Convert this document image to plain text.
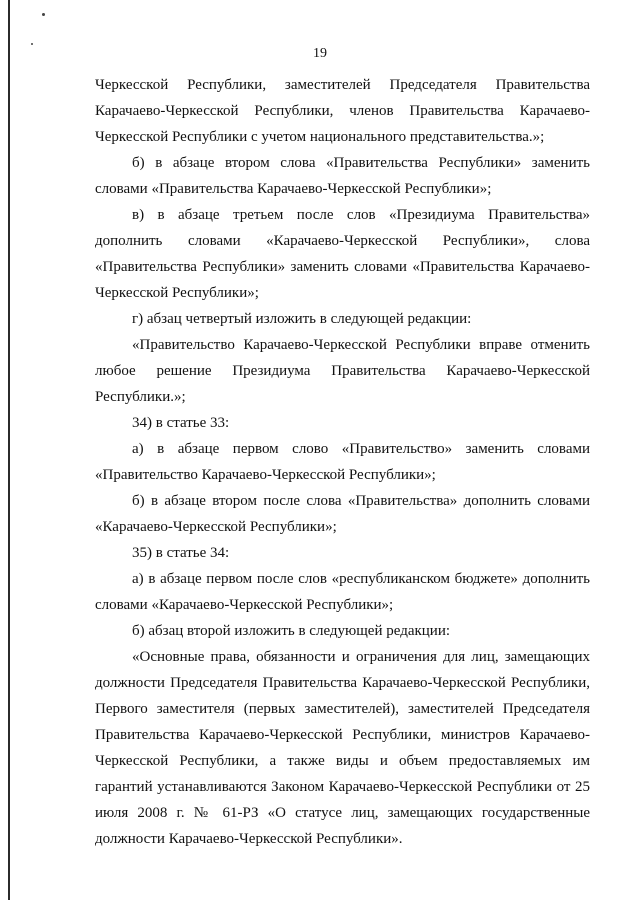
19

Черкесской Республики, заместителей Председателя Правительства Карачаево-Черкесской Республики, членов Правительства Карачаево-

Черкесской Республики с учетом национального представительства.»;

б) в абзаце втором слова «Правительства Республики» заменить словами «Правительства Карачаево-Черкесской Республики»;

в) в абзаце третьем после слов «Президиума Правительства» дополнить словами «Карачаево-Черкесской Республики», слова «Правительства Республики» заменить словами «Правительства Карачаево-Черкесской Республики»;

г) абзац четвертый изложить в следующей редакции:

«Правительство Карачаево-Черкесской Республики вправе отменить любое решение Президиума Правительства Карачаево-Черкесской Республики.»;

34) в статье 33:

а) в абзаце первом слово «Правительство» заменить словами «Правительство Карачаево-Черкесской Республики»;

б) в абзаце втором после слова «Правительства» дополнить словами «Карачаево-Черкесской Республики»;

35) в статье 34:

а) в абзаце первом после слов «республиканском бюджете» дополнить словами «Карачаево-Черкесской Республики»;

б) абзац второй изложить в следующей редакции:

«Основные права, обязанности и ограничения для лиц, замещающих должности Председателя Правительства Карачаево-Черкесской Республики, Первого заместителя (первых заместителей), заместителей Председателя Правительства Карачаево-Черкесской Республики, министров Карачаево- Черкесской Республики, а также виды и объем предоставляемых им гарантий устанавливаются Законом Карачаево-Черкесской Республики от 25 июля 2008 г. № 61-РЗ «О статусе лиц, замещающих государственные должности Карачаево-Черкесской Республики».
